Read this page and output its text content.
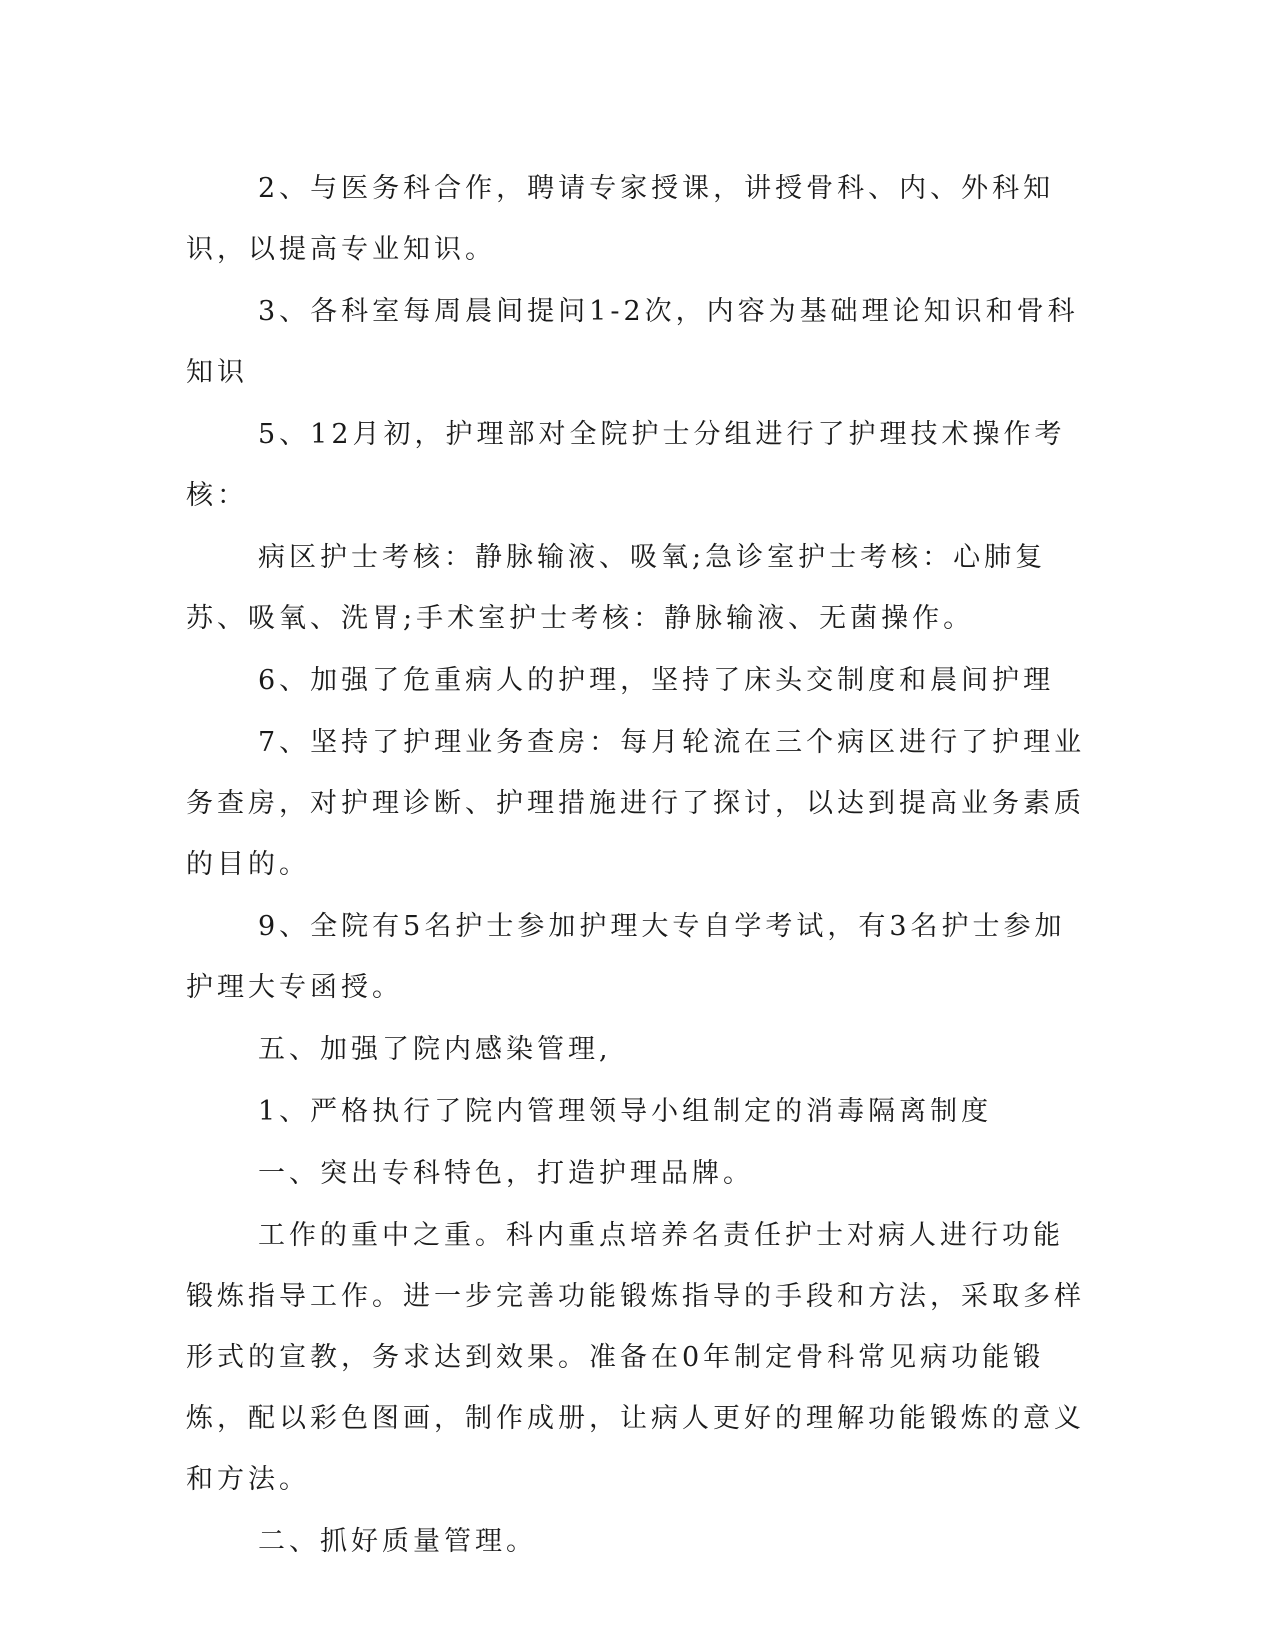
2、与医务科合作，聘请专家授课，讲授骨科、内、外科知识，以提高专业知识。

3、各科室每周晨间提问1-2次，内容为基础理论知识和骨科知识

5、12月初，护理部对全院护士分组进行了护理技术操作考核：

病区护士考核：静脉输液、吸氧;急诊室护士考核：心肺复苏、吸氧、洗胃;手术室护士考核：静脉输液、无菌操作。

6、加强了危重病人的护理，坚持了床头交制度和晨间护理

7、坚持了护理业务查房：每月轮流在三个病区进行了护理业务查房，对护理诊断、护理措施进行了探讨，以达到提高业务素质的目的。

9、全院有5名护士参加护理大专自学考试，有3名护士参加护理大专函授。

五、加强了院内感染管理,

1、严格执行了院内管理领导小组制定的消毒隔离制度

一、突出专科特色，打造护理品牌。

工作的重中之重。科内重点培养名责任护士对病人进行功能锻炼指导工作。进一步完善功能锻炼指导的手段和方法，采取多样形式的宣教，务求达到效果。准备在0年制定骨科常见病功能锻炼，配以彩色图画，制作成册，让病人更好的理解功能锻炼的意义和方法。

二、抓好质量管理。
